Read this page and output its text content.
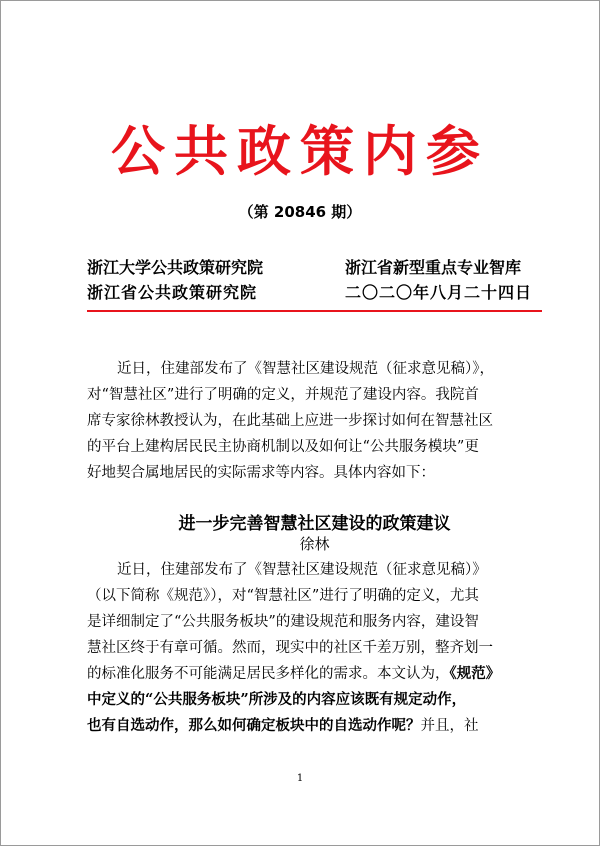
公共政策内参
（第 20846 期）
浙江大学公共政策研究院
浙江省公共政策研究院
浙江省新型重点专业智库
二〇二〇年八月二十四日
近日，住建部发布了《智慧社区建设规范（征求意见稿）》，
对“智慧社区”进行了明确的定义，并规范了建设内容。我院首
席专家徐林教授认为，在此基础上应进一步探讨如何在智慧社区
的平台上建构居民民主协商机制以及如何让“公共服务模块”更
好地契合属地居民的实际需求等内容。具体内容如下：
进一步完善智慧社区建设的政策建议
徐林
近日，住建部发布了《智慧社区建设规范（征求意见稿）》
（以下简称《规范》），对“智慧社区”进行了明确的定义，尤其
是详细制定了“公共服务板块”的建设规范和服务内容，建设智
慧社区终于有章可循。然而，现实中的社区千差万别，整齐划一
的标准化服务不可能满足居民多样化的需求。本文认为，《规范》
中定义的“公共服务板块”所涉及的内容应该既有规定动作，
也有自选动作，那么如何确定板块中的自选动作呢？并且，社
1
